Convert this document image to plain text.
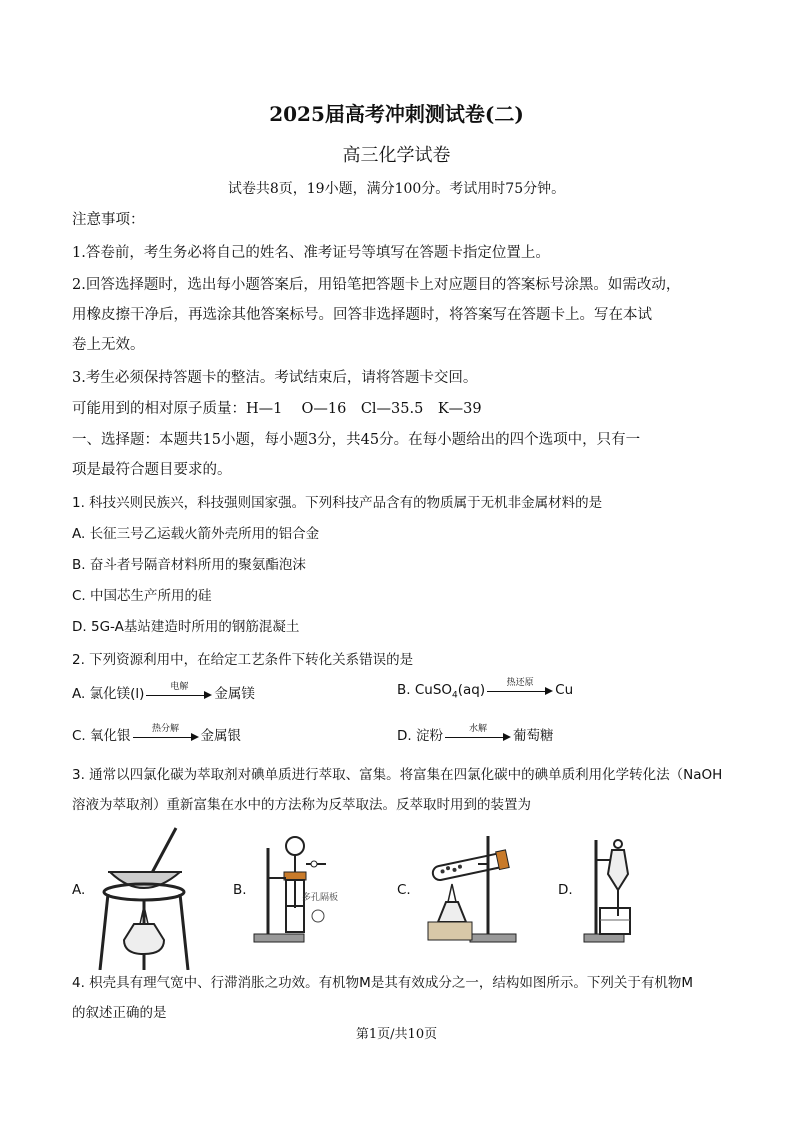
2025届高考冲刺测试卷(二)
高三化学试卷
试卷共8页，19小题，满分100分。考试用时75分钟。
注意事项：
1.答卷前，考生务必将自己的姓名、准考证号等填写在答题卡指定位置上。
2.回答选择题时，选出每小题答案后，用铅笔把答题卡上对应题目的答案标号涂黑。如需改动，
用橡皮擦干净后，再选涂其他答案标号。回答非选择题时，将答案写在答题卡上。写在本试
卷上无效。
3.考生必须保持答题卡的整洁。考试结束后，请将答题卡交回。
可能用到的相对原子质量：H—1　 O—16　Cl—35.5　K—39
一、选择题：本题共15小题，每小题3分，共45分。在每小题给出的四个选项中，只有一
项是最符合题目要求的。
1. 科技兴则民族兴，科技强则国家强。下列科技产品含有的物质属于无机非金属材料的是
A. 长征三号乙运载火箭外壳所用的铝合金
B. 奋斗者号隔音材料所用的聚氨酯泡沫
C. 中国芯生产所用的硅
D. 5G-A基站建造时所用的钢筋混凝土
2. 下列资源利用中，在给定工艺条件下转化关系错误的是
A. 氯化镁(l)	电解	金属镁	B. CuSO$_4$(aq)	热还原	Cu
C. 氧化银	热分解	金属银	D. 淀粉	水解	葡萄糖
3. 通常以四氯化碳为萃取剂对碘单质进行萃取、富集。将富集在四氯化碳中的碘单质利用化学转化法（NaOH
溶液为萃取剂）重新富集在水中的方法称为反萃取法。反萃取时用到的装置为
A.	B.	多孔隔板	C.	D.
4. 枳壳具有理气宽中、行滞消胀之功效。有机物M是其有效成分之一，结构如图所示。下列关于有机物M
的叙述正确的是
第1页/共10页
